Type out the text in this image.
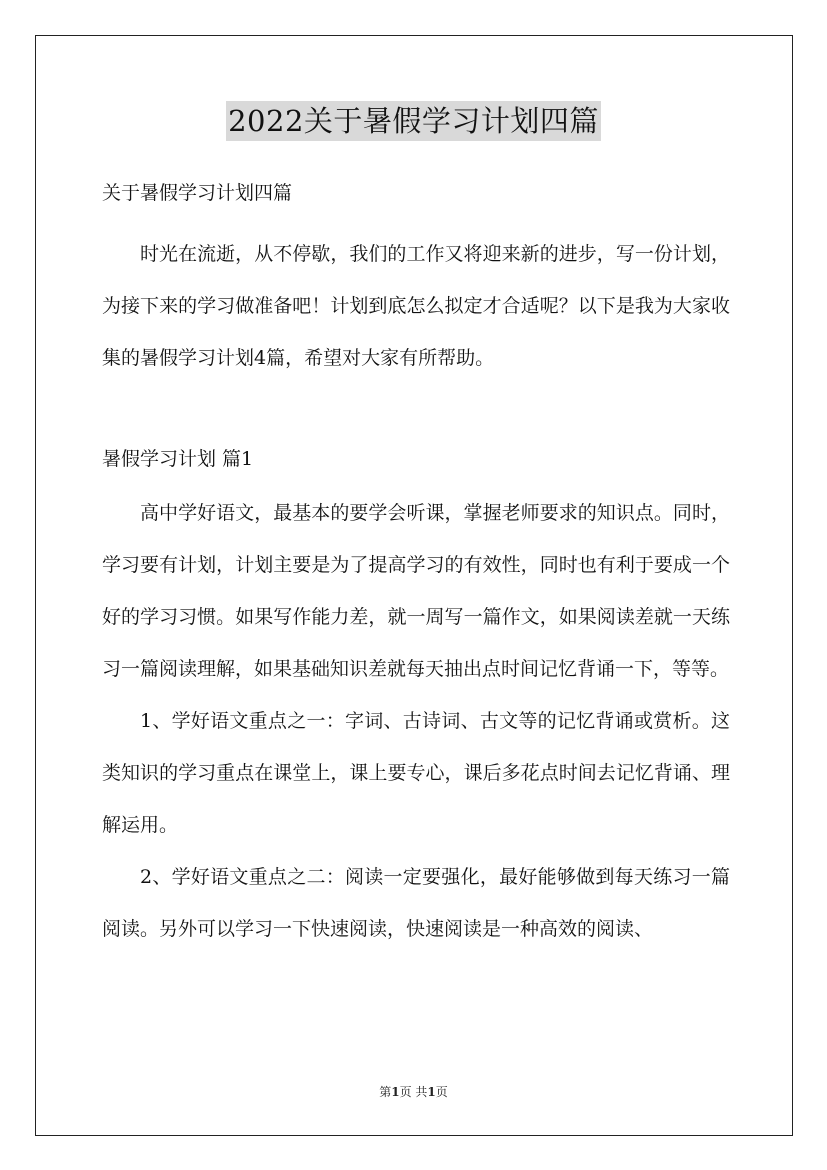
2022关于暑假学习计划四篇

关于暑假学习计划四篇

时光在流逝，从不停歇，我们的工作又将迎来新的进步，写一份计划，为接下来的学习做准备吧！计划到底怎么拟定才合适呢？以下是我为大家收集的暑假学习计划4篇，希望对大家有所帮助。

暑假学习计划 篇1

高中学好语文，最基本的要学会听课，掌握老师要求的知识点。同时，学习要有计划，计划主要是为了提高学习的有效性，同时也有利于要成一个好的学习习惯。如果写作能力差，就一周写一篇作文，如果阅读差就一天练习一篇阅读理解，如果基础知识差就每天抽出点时间记忆背诵一下，等等。

1、学好语文重点之一：字词、古诗词、古文等的记忆背诵或赏析。这类知识的学习重点在课堂上，课上要专心，课后多花点时间去记忆背诵、理解运用。

2、学好语文重点之二：阅读一定要强化，最好能够做到每天练习一篇阅读。另外可以学习一下快速阅读，快速阅读是一种高效的阅读、

第1页 共1页
